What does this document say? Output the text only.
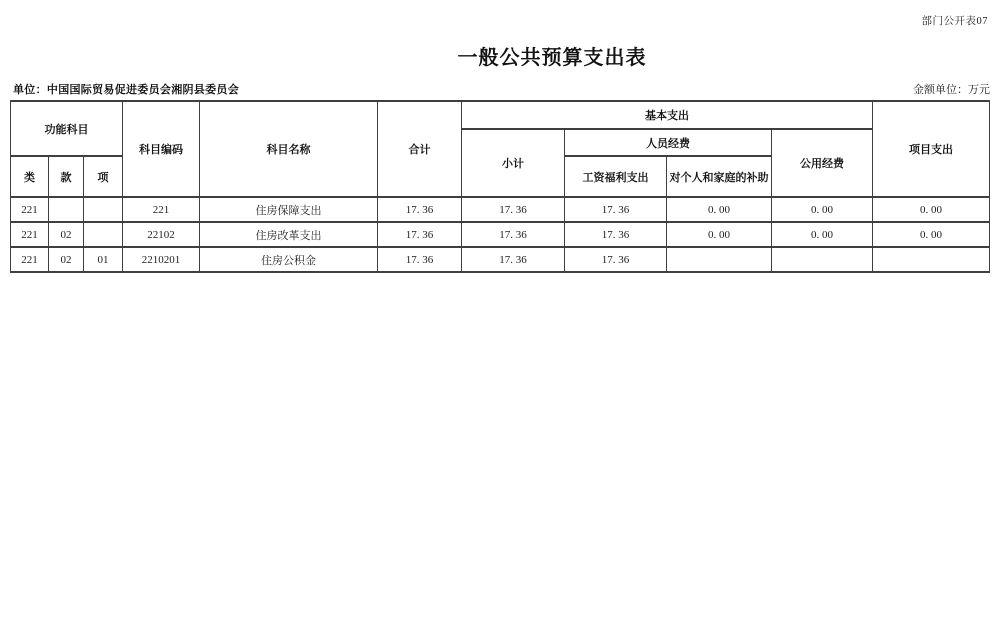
部门公开表07
一般公共预算支出表
单位：中国国际贸易促进委员会湘阴县委员会	金额单位：万元
功能科目			科目编码	科目名称	合计	基本支出				项目支出
						小计	人员经费		公用经费	
类	款	项					工资福利支出	对个人和家庭的补助		
221			221	住房保障支出	17. 36	17. 36	17. 36	0. 00	0. 00	0. 00
221	02		22102	住房改革支出	17. 36	17. 36	17. 36	0. 00	0. 00	0. 00
221	02	01	2210201	住房公积金	17. 36	17. 36	17. 36			
